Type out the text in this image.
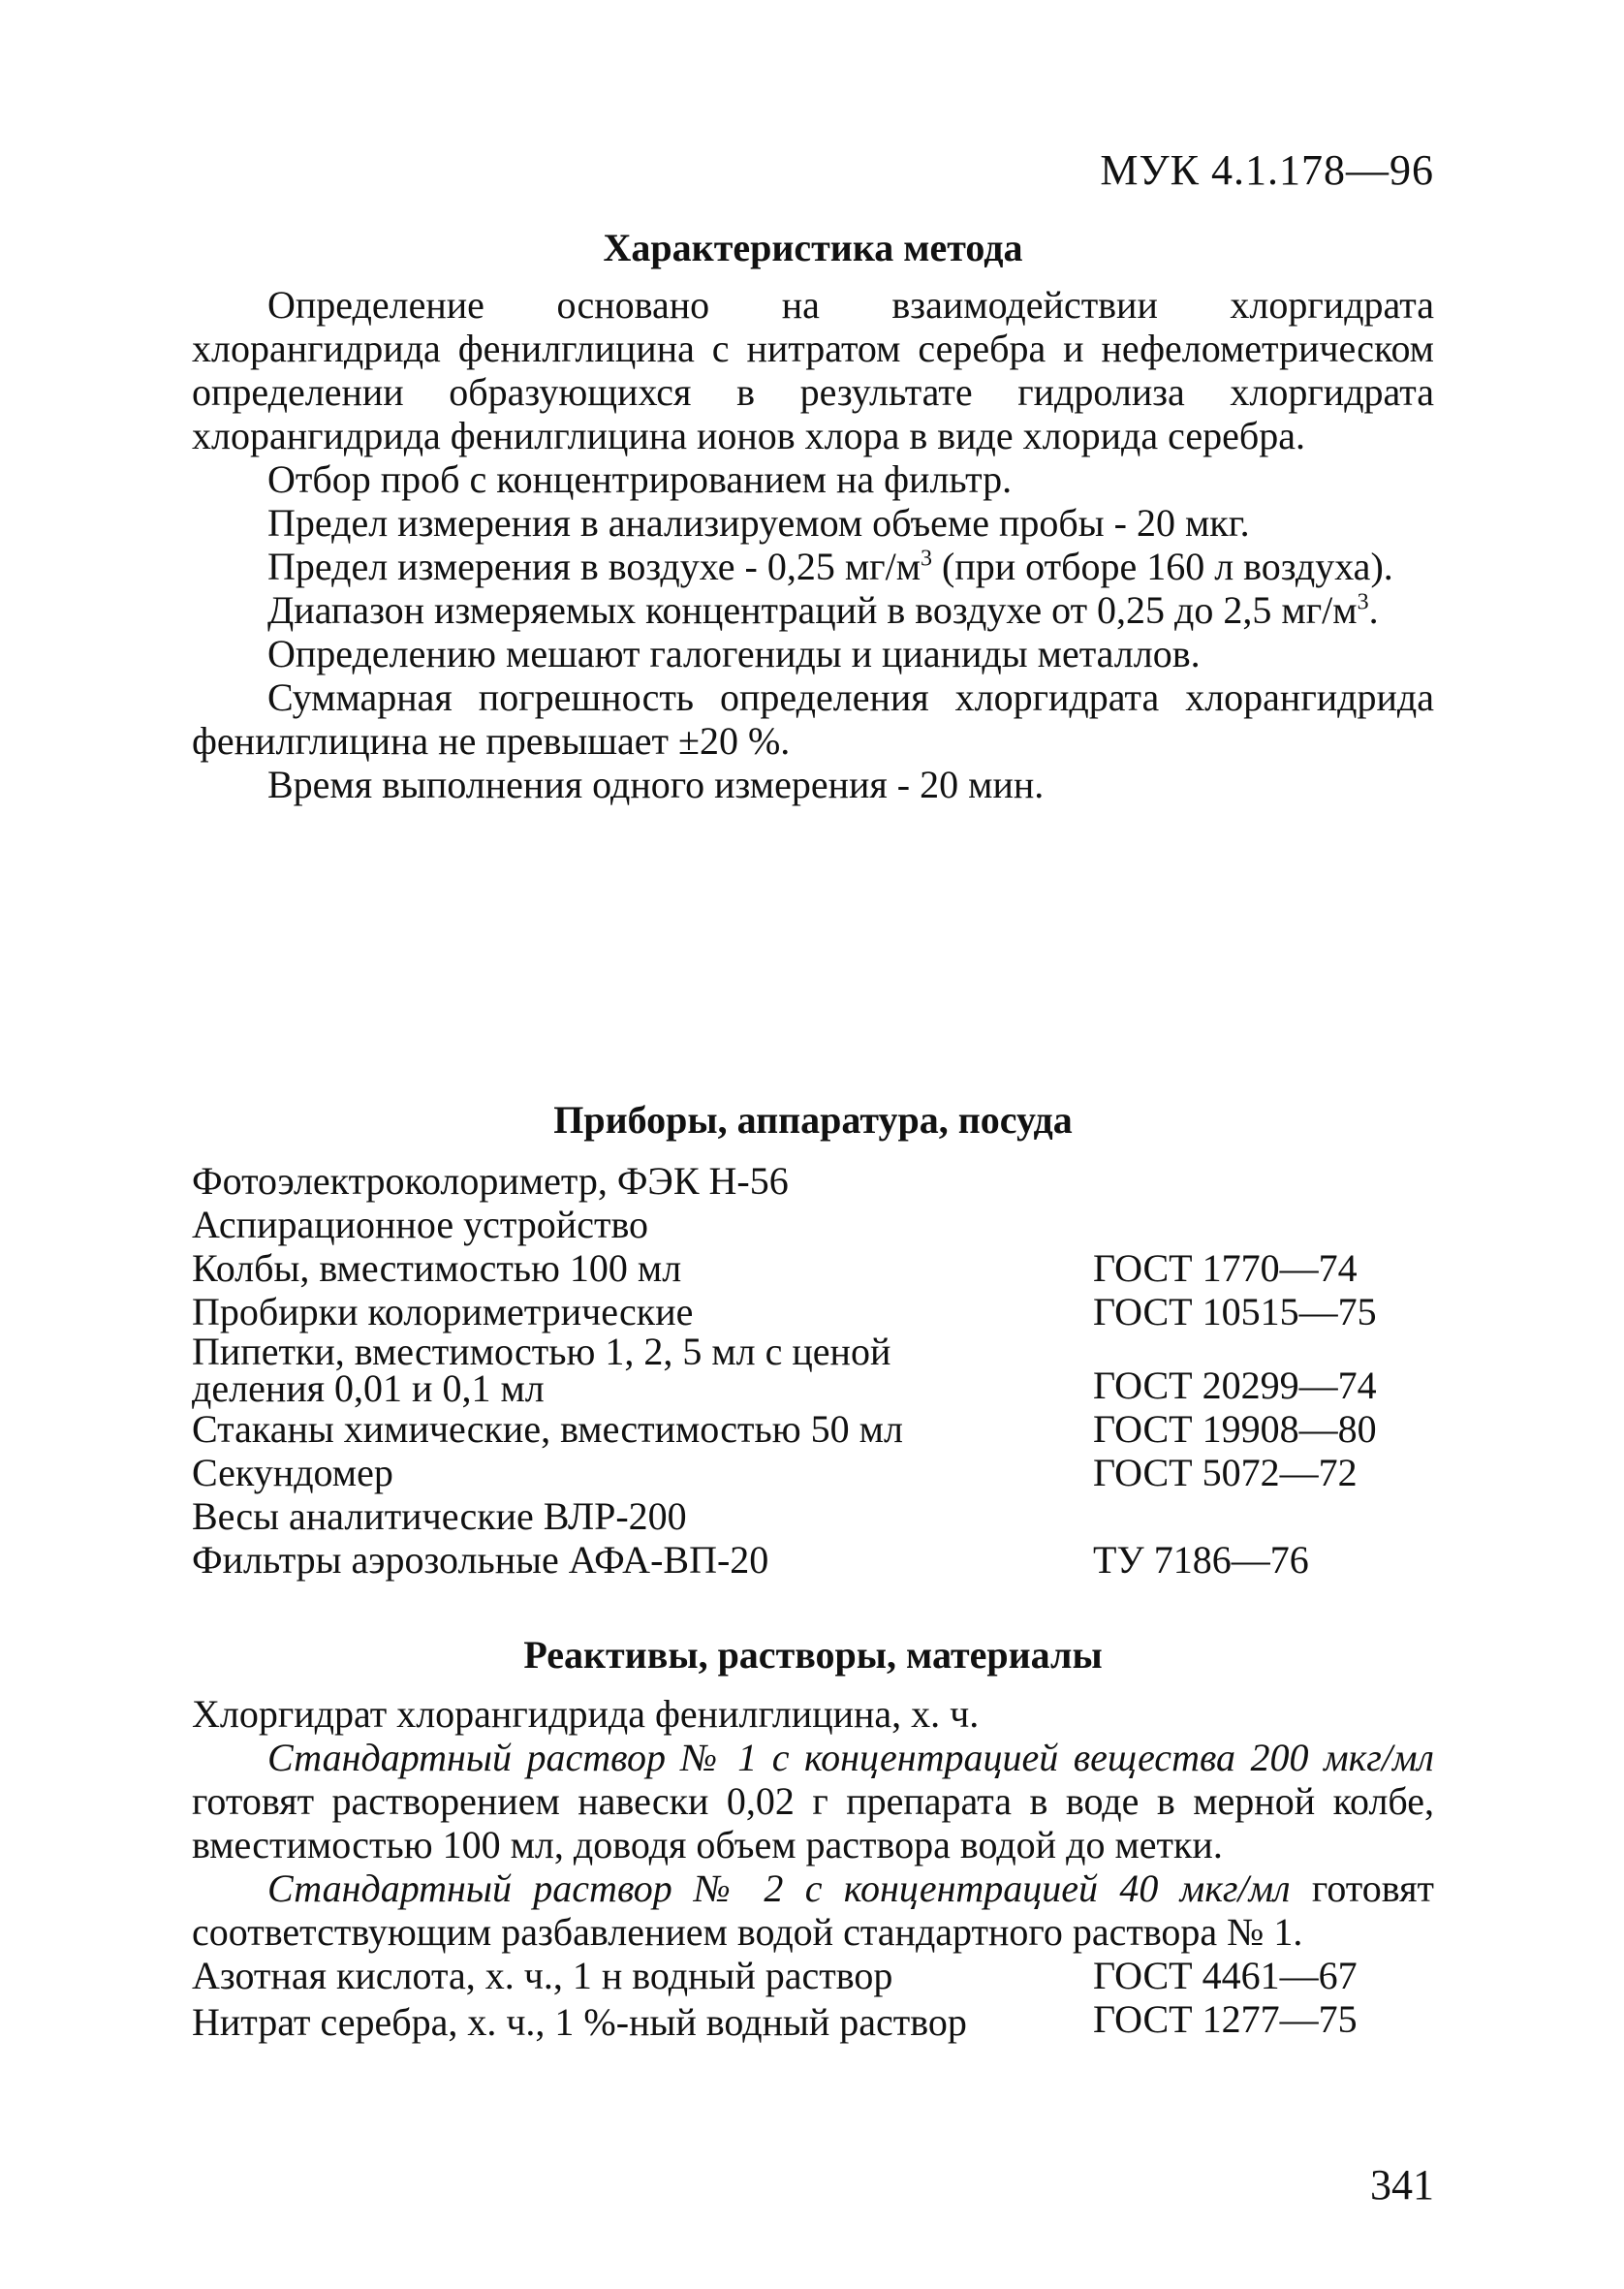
МУК 4.1.178—96
Характеристика метода

Определение основано на взаимодействии хлоргидрата хлорангидрида фенилглицина с нитратом серебра и нефелометрическом определении образующихся в результате гидролиза хлоргидрата хлорангидрида фенилглицина ионов хлора в виде хлорида серебра.

Отбор проб с концентрированием на фильтр.

Предел измерения в анализируемом объеме пробы - 20 мкг.

Предел измерения в воздухе - 0,25 $мг/м^3$ (при отборе 160 л воздуха).

Диапазон измеряемых концентраций в воздухе от 0,25 до 2,5 $мг/м^3$.

Определению мешают галогениды и цианиды металлов.

Суммарная погрешность определения хлоргидрата хлорангидрида фенилглицина не превышает ±20 %.

Время выполнения одного измерения - 20 мин.

Приборы, аппаратура, посуда
Фотоэлектроколориметр, ФЭК Н-56
Аспирационное устройство
Колбы, вместимостью 100 мл	ГОСТ 1770—74
Пробирки колориметрические	ГОСТ 10515—75
Пипетки, вместимостью 1, 2, 5 мл с ценой деления 0,01 и 0,1 мл	ГОСТ 20299—74
Стаканы химические, вместимостью 50 мл	ГОСТ 19908—80
Секундомер	ГОСТ 5072—72
Весы аналитические ВЛР-200
Фильтры аэрозольные АФА-ВП-20	ТУ 7186—76
Реактивы, растворы, материалы

Хлоргидрат хлорангидрида фенилглицина, х. ч.

Стандартный раствор № 1 с концентрацией вещества 200 мкг/мл готовят растворением навески 0,02 г препарата в воде в мерной колбе, вместимостью 100 мл, доводя объем раствора водой до метки.

Стандартный раствор № 2 с концентрацией 40 мкг/мл готовят соответствующим разбавлением водой стандартного раствора № 1.

Азотная кислота, х. ч., 1 н водный раствор	ГОСТ 4461—67
Нитрат серебра, х. ч., 1 %-ный водный раствор	ГОСТ 1277—75
341
